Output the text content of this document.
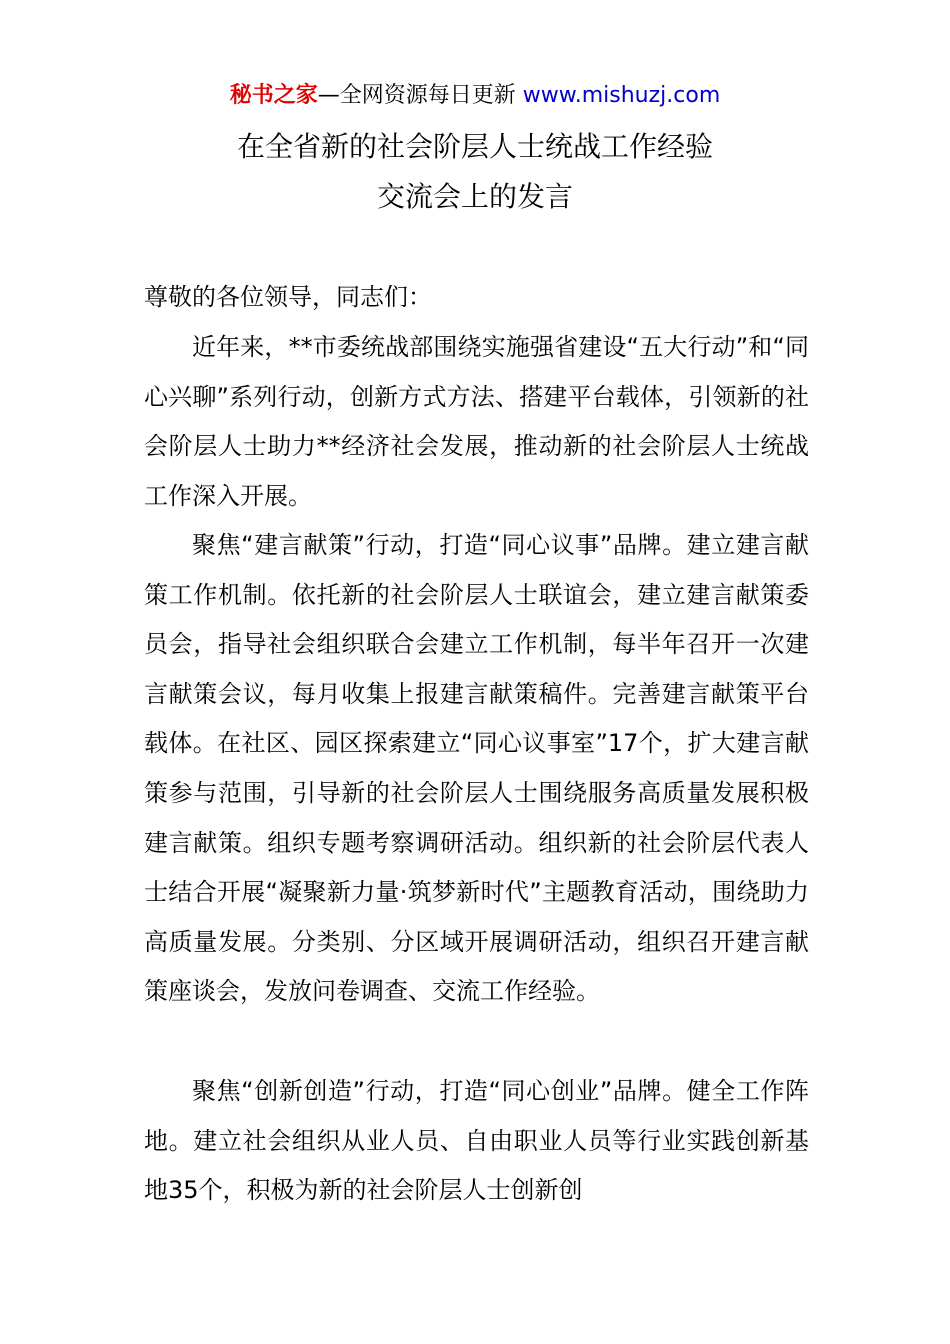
秘书之家—全网资源每日更新 www.mishuzj.com
在全省新的社会阶层人士统战工作经验
交流会上的发言
尊敬的各位领导，同志们：

近年来，**市委统战部围绕实施强省建设“五大行动”和“同心兴聊”系列行动，创新方式方法、搭建平台载体，引领新的社会阶层人士助力**经济社会发展，推动新的社会阶层人士统战工作深入开展。

聚焦“建言献策”行动，打造“同心议事”品牌。建立建言献策工作机制。依托新的社会阶层人士联谊会，建立建言献策委员会，指导社会组织联合会建立工作机制，每半年召开一次建言献策会议，每月收集上报建言献策稿件。完善建言献策平台载体。在社区、园区探索建立“同心议事室”17个，扩大建言献策参与范围，引导新的社会阶层人士围绕服务高质量发展积极建言献策。组织专题考察调研活动。组织新的社会阶层代表人士结合开展“凝聚新力量·筑梦新时代”主题教育活动，围绕助力高质量发展。分类别、分区域开展调研活动，组织召开建言献策座谈会，发放问卷调查、交流工作经验。

聚焦“创新创造”行动，打造“同心创业”品牌。健全工作阵地。建立社会组织从业人员、自由职业人员等行业实践创新基地35个，积极为新的社会阶层人士创新创
